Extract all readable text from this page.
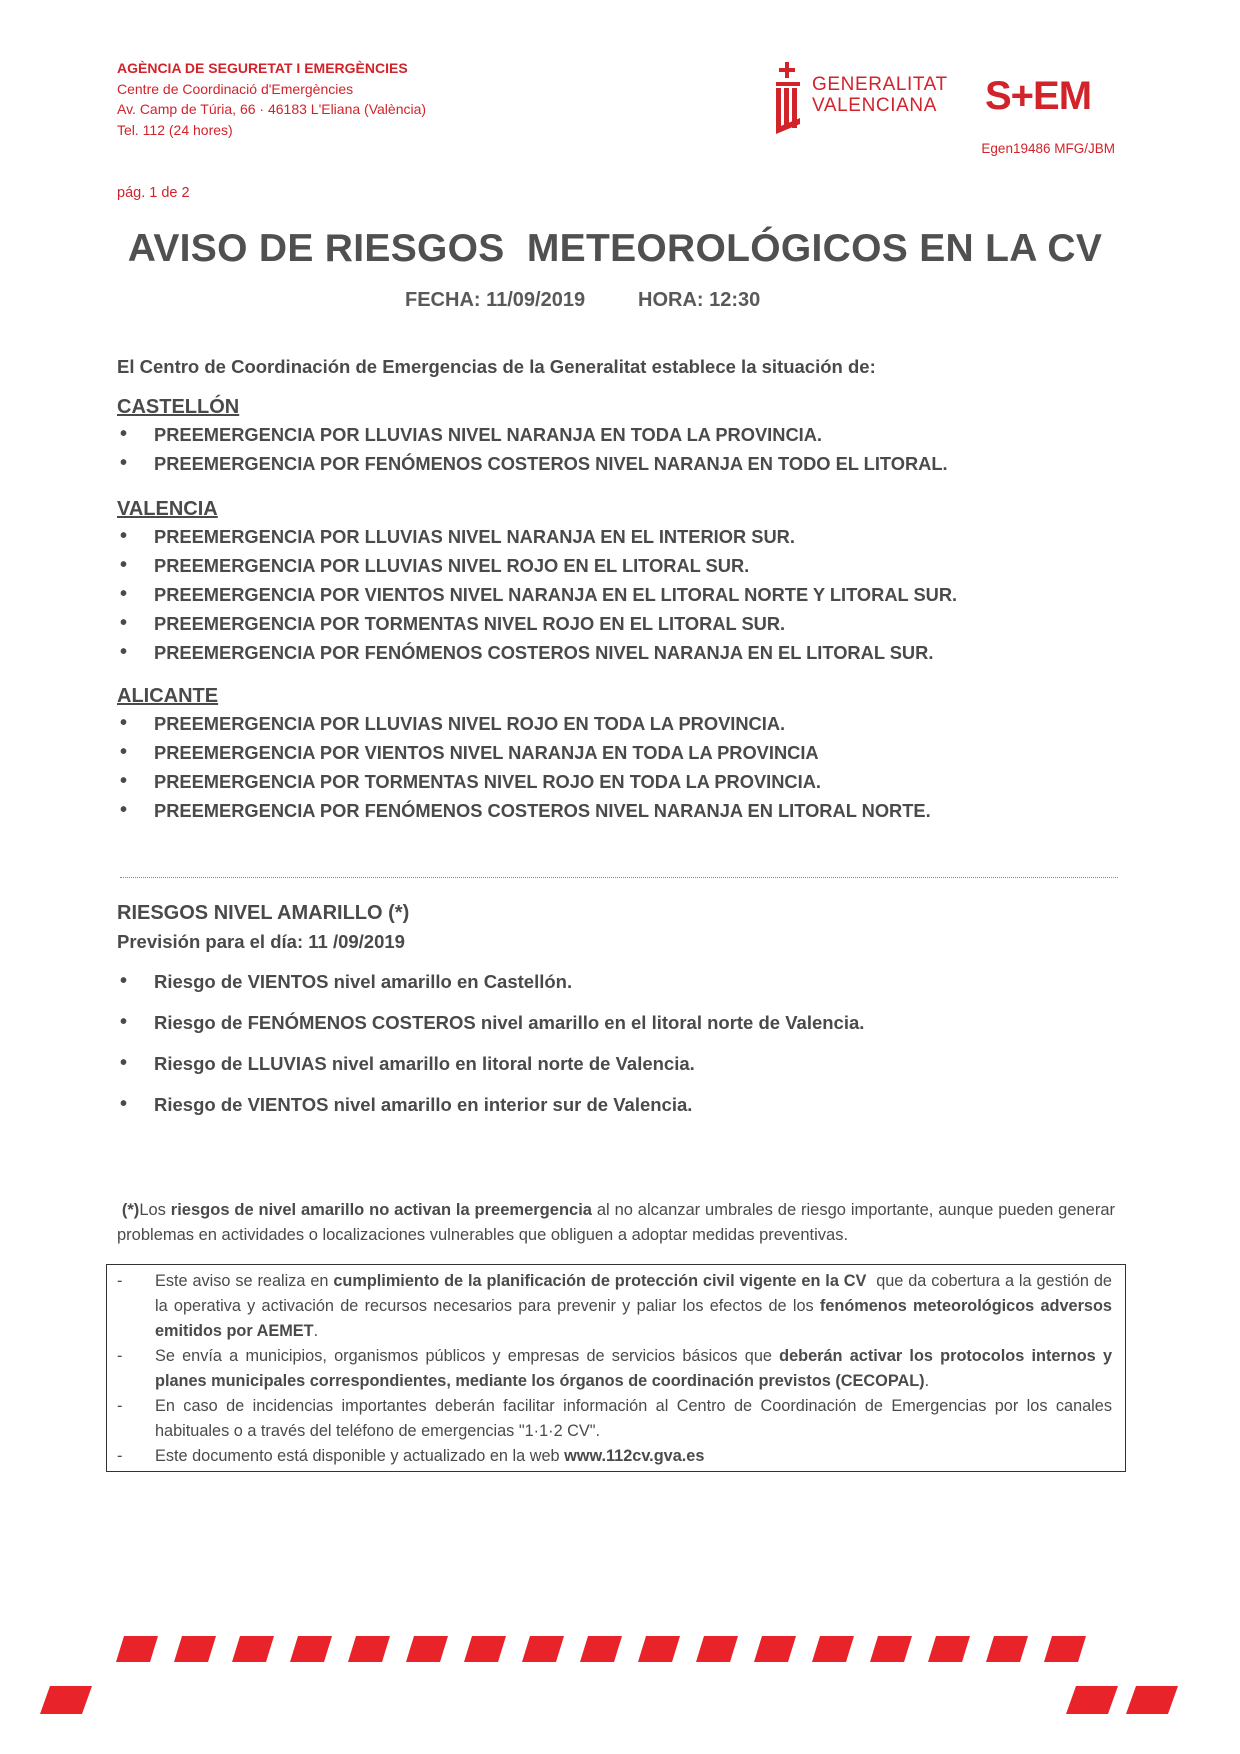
AGÈNCIA DE SEGURETAT I EMERGÈNCIES
Centre de Coordinació d'Emergències
Av. Camp de Túria, 66 · 46183 L'Eliana (València)
Tel. 112 (24 hores)
GENERALITAT
VALENCIANA S+EM
Egen19486 MFG/JBM
pág. 1 de 2
AVISO DE RIESGOS  METEOROLÓGICOS EN LA CV
FECHA: 11/09/2019	HORA: 12:30
El Centro de Coordinación de Emergencias de la Generalitat establece la situación de:
CASTELLÓN
• PREEMERGENCIA POR LLUVIAS NIVEL NARANJA EN TODA LA PROVINCIA.
• PREEMERGENCIA POR FENÓMENOS COSTEROS NIVEL NARANJA EN TODO EL LITORAL.
VALENCIA
• PREEMERGENCIA POR LLUVIAS NIVEL NARANJA EN EL INTERIOR SUR.
• PREEMERGENCIA POR LLUVIAS NIVEL ROJO EN EL LITORAL SUR.
• PREEMERGENCIA POR VIENTOS NIVEL NARANJA EN EL LITORAL NORTE Y LITORAL SUR.
• PREEMERGENCIA POR TORMENTAS NIVEL ROJO EN EL LITORAL SUR.
• PREEMERGENCIA POR FENÓMENOS COSTEROS NIVEL NARANJA EN EL LITORAL SUR.
ALICANTE
• PREEMERGENCIA POR LLUVIAS NIVEL ROJO EN TODA LA PROVINCIA.
• PREEMERGENCIA POR VIENTOS NIVEL NARANJA EN TODA LA PROVINCIA
• PREEMERGENCIA POR TORMENTAS NIVEL ROJO EN TODA LA PROVINCIA.
• PREEMERGENCIA POR FENÓMENOS COSTEROS NIVEL NARANJA EN LITORAL NORTE.
RIESGOS NIVEL AMARILLO (*)
Previsión para el día: 11 /09/2019
• Riesgo de VIENTOS nivel amarillo en Castellón.
• Riesgo de FENÓMENOS COSTEROS nivel amarillo en el litoral norte de Valencia.
• Riesgo de LLUVIAS nivel amarillo en litoral norte de Valencia.
• Riesgo de VIENTOS nivel amarillo en interior sur de Valencia.
(*)Los riesgos de nivel amarillo no activan la preemergencia al no alcanzar umbrales de riesgo importante, aunque pueden generar problemas en actividades o localizaciones vulnerables que obliguen a adoptar medidas preventivas.
- Este aviso se realiza en cumplimiento de la planificación de protección civil vigente en la CV  que da cobertura a la gestión de la operativa y activación de recursos necesarios para prevenir y paliar los efectos de los fenómenos meteorológicos adversos emitidos por AEMET.
- Se envía a municipios, organismos públicos y empresas de servicios básicos que deberán activar los protocolos internos y planes municipales correspondientes, mediante los órganos de coordinación previstos (CECOPAL).
- En caso de incidencias importantes deberán facilitar información al Centro de Coordinación de Emergencias por los canales habituales o a través del teléfono de emergencias "1·1·2 CV".
- Este documento está disponible y actualizado en la web www.112cv.gva.es
